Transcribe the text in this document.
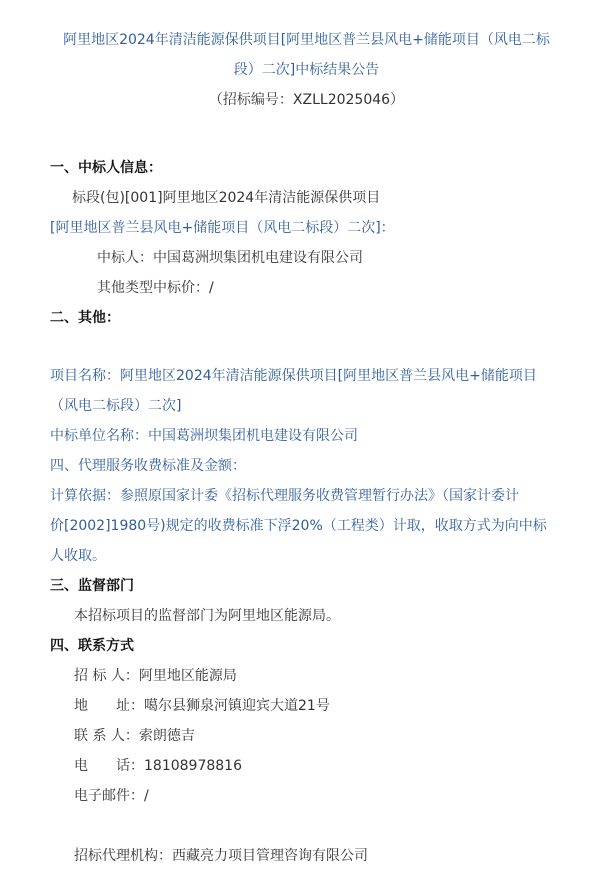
阿里地区2024年清洁能源保供项目[阿里地区普兰县风电+储能项目（风电二标
段）二次]中标结果公告
（招标编号：XZLL2025046）
一、中标人信息：
标段(包)[001]阿里地区2024年清洁能源保供项目
[阿里地区普兰县风电+储能项目（风电二标段）二次]：
中标人：中国葛洲坝集团机电建设有限公司
其他类型中标价：/
二、其他：
项目名称：阿里地区2024年清洁能源保供项目[阿里地区普兰县风电+储能项目
（风电二标段）二次]
中标单位名称：中国葛洲坝集团机电建设有限公司
四、代理服务收费标准及金额：
计算依据：参照原国家计委《招标代理服务收费管理暂行办法》（国家计委计
价[2002]1980号)规定的收费标准下浮20%（工程类）计取，收取方式为向中标
人收取。
三、监督部门
本招标项目的监督部门为阿里地区能源局。
四、联系方式
招 标 人：阿里地区能源局
地　　址：噶尔县狮泉河镇迎宾大道21号
联 系 人：索朗德吉
电　　话：18108978816
电子邮件：/
招标代理机构：西藏亮力项目管理咨询有限公司
